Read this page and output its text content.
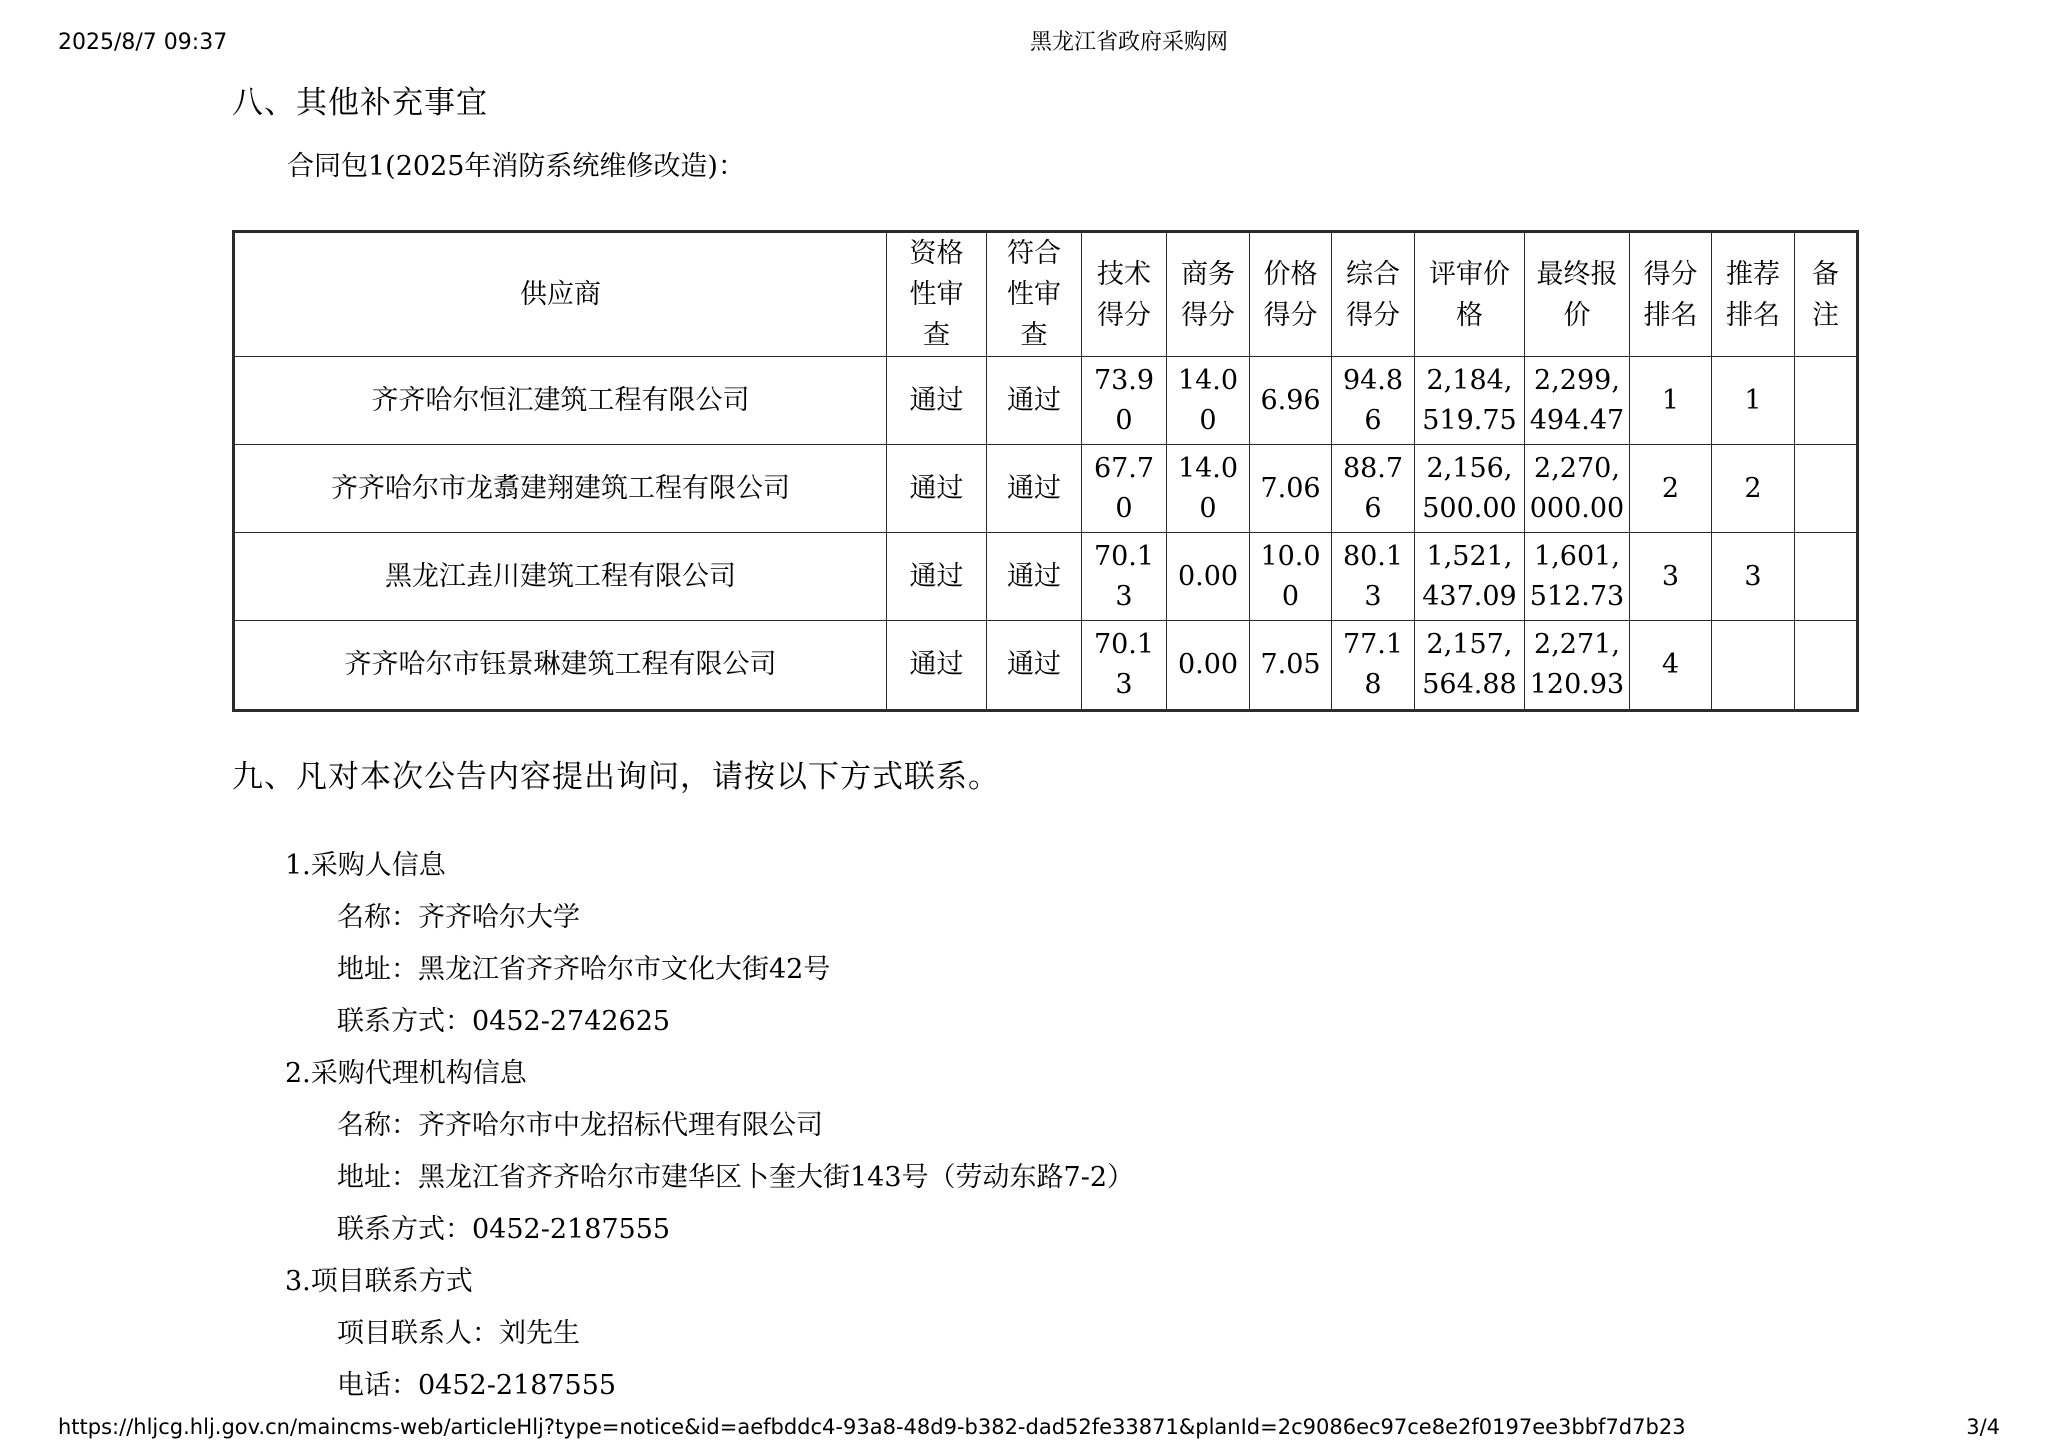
2025/8/7 09:37	黑龙江省政府采购网
八、其他补充事宜
合同包1(2025年消防系统维修改造)：
供应商	资格性审查	符合性审查	技术得分	商务得分	价格得分	综合得分	评审价格	最终报价	得分排名	推荐排名	备注
齐齐哈尔恒汇建筑工程有限公司	通过	通过	73.90	14.00	6.96	94.86	2,184,519.75	2,299,494.47	1	1	
齐齐哈尔市龙翥建翔建筑工程有限公司	通过	通过	67.70	14.00	7.06	88.76	2,156,500.00	2,270,000.00	2	2	
黑龙江垚川建筑工程有限公司	通过	通过	70.13	0.00	10.00	80.13	1,521,437.09	1,601,512.73	3	3	
齐齐哈尔市钰景琳建筑工程有限公司	通过	通过	70.13	0.00	7.05	77.18	2,157,564.88	2,271,120.93	4		
九、凡对本次公告内容提出询问，请按以下方式联系。

1.采购人信息

名称：齐齐哈尔大学

地址：黑龙江省齐齐哈尔市文化大街42号

联系方式：0452-2742625

2.采购代理机构信息

名称：齐齐哈尔市中龙招标代理有限公司

地址：黑龙江省齐齐哈尔市建华区卜奎大街143号（劳动东路7-2）

联系方式：0452-2187555

3.项目联系方式

项目联系人：刘先生

电话：0452-2187555

https://hljcg.hlj.gov.cn/maincms-web/articleHlj?type=notice&id=aefbddc4-93a8-48d9-b382-dad52fe33871&planId=2c9086ec97ce8e2f0197ee3bbf7d7b23	3/4
